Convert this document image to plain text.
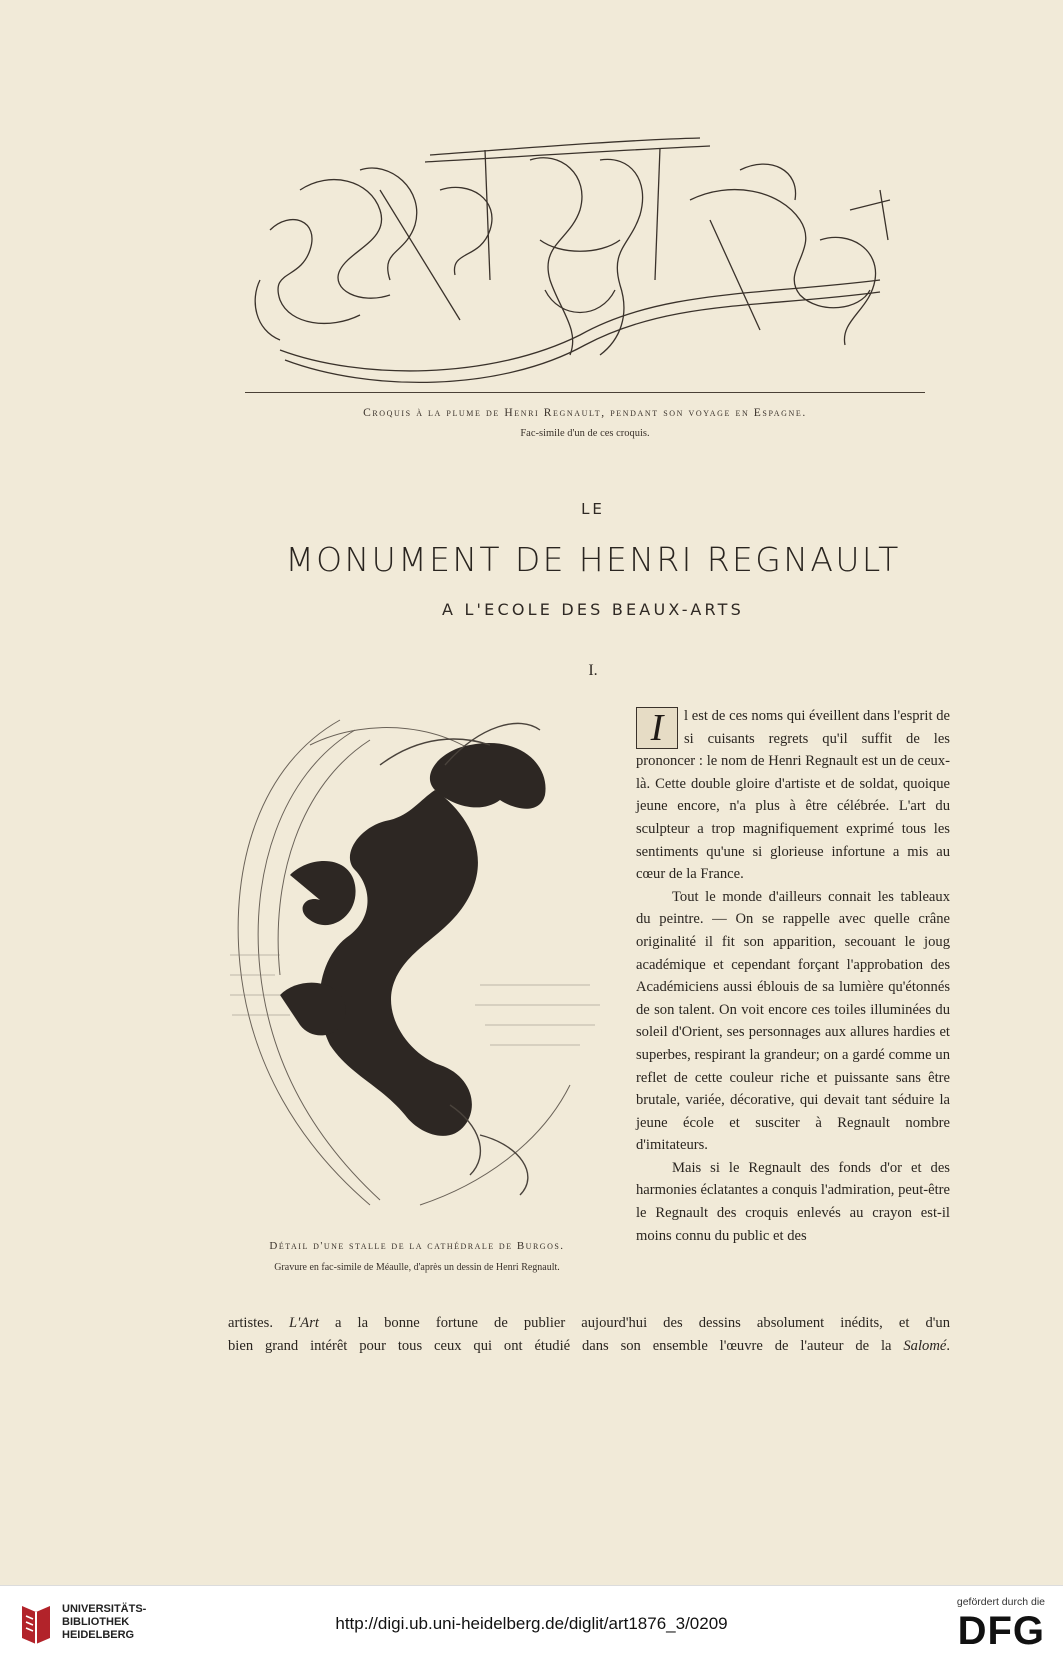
Croquis à la plume de Henri Regnault, pendant son voyage en Espagne.
Fac-simile d'un de ces croquis.
LE
MONUMENT DE HENRI REGNAULT
A L'ECOLE DES BEAUX-ARTS
I.
Détail d'une stalle de la cathédrale de Burgos.
Gravure en fac-simile de Méaulle, d'après un dessin de Henri Regnault.

I	l est de ces noms qui éveillent dans l'esprit de si cuisants regrets qu'il suffit de les prononcer : le nom de Henri Regnault est un de ceux-là. Cette double gloire d'artiste et de soldat, quoique jeune encore, n'a plus à être célébrée. L'art du sculpteur a trop magnifiquement exprimé tous les sentiments qu'une si glorieuse infortune a mis au cœur de la France.

Tout le monde d'ailleurs connait les tableaux du peintre. — On se rappelle avec quelle crâne originalité il fit son apparition, secouant le joug académique et cependant forçant l'approbation des Académiciens aussi éblouis de sa lumière qu'étonnés de son talent. On voit encore ces toiles illuminées du soleil d'Orient, ses personnages aux allures hardies et superbes, respirant la grandeur; on a gardé comme un reflet de cette couleur riche et puissante sans être brutale, variée, décorative, qui devait tant séduire la jeune école et susciter à Regnault nombre d'imitateurs.

Mais si le Regnault des fonds d'or et des harmonies éclatantes a conquis l'admiration, peut-être le Regnault des croquis enlevés au crayon est-il moins connu du public et des

artistes. L'Art a la bonne fortune de publier aujourd'hui des dessins absolument inédits, et d'un
bien grand intérêt pour tous ceux qui ont étudié dans son ensemble l'œuvre de l'auteur de la Salomé.
UNIVERSITÄTS-
BIBLIOTHEK
HEIDELBERG
http://digi.ub.uni-heidelberg.de/diglit/art1876_3/0209
gefördert durch die
DFG
